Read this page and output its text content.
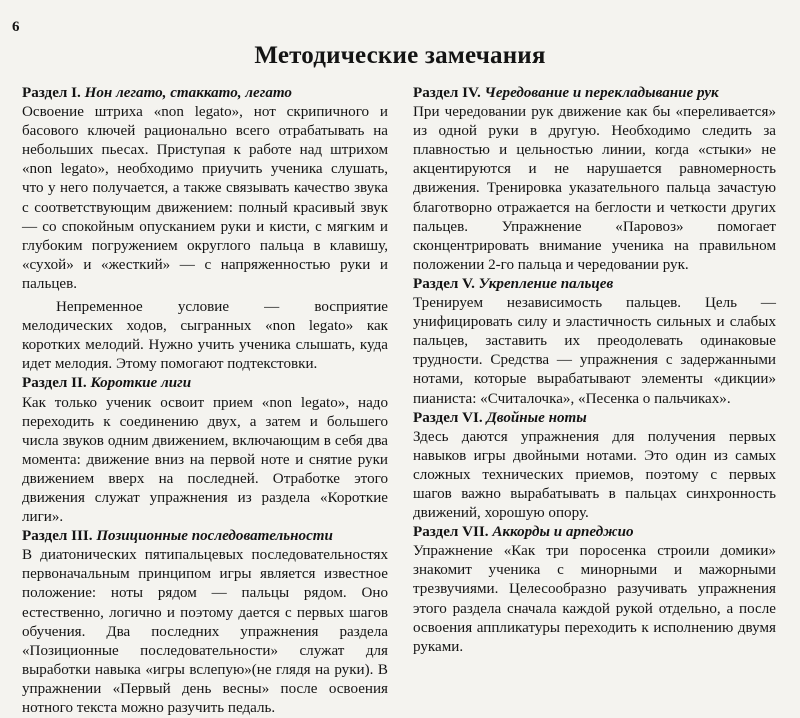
6
Методические замечания

Раздел I. Нон легато, стаккато, легато

Освоение штриха «non legato», нот скрипичного и басового ключей рационально всего отрабатывать на небольших пьесах. Приступая к работе над штрихом «non legato», необходимо приучить ученика слушать, что у него получается, а также связывать качество звука с соответствующим движением: полный красивый звук — со спокойным опусканием руки и кисти, с мягким и глубоким погружением округлого пальца в клавишу, «сухой» и «жесткий» — с напряженностью руки и пальцев.

Непременное условие — восприятие мелодических ходов, сыгранных «non legato» как коротких мелодий. Нужно учить ученика слышать, куда идет мелодия. Этому помогают подтекстовки.

Раздел II. Короткие лиги

Как только ученик освоит прием «non legato», надо переходить к соединению двух, а затем и большего числа звуков одним движением, включающим в себя два момента: движение вниз на первой ноте и снятие руки движением вверх на последней. Отработке этого движения служат упражнения из раздела «Короткие лиги».

Раздел III. Позиционные последовательности

В диатонических пятипальцевых последовательностях первоначальным принципом игры является известное положение: ноты рядом — пальцы рядом. Оно естественно, логично и поэтому дается с первых шагов обучения. Два последних упражнения раздела «Позиционные последовательности» служат для выработки навыка «игры вслепую»(не глядя на руки). В упражнении «Первый день весны» после освоения нотного текста можно разучить педаль.

Раздел IV. Чередование и перекладывание рук

При чередовании рук движение как бы «переливается» из одной руки в другую. Необходимо следить за плавностью и цельностью линии, когда «стыки» не акцентируются и не нарушается равномерность движения. Тренировка указательного пальца зачастую благотворно отражается на беглости и четкости других пальцев. Упражнение «Паровоз» помогает сконцентрировать внимание ученика на правильном положении 2-го пальца и чередовании рук.

Раздел V. Укрепление пальцев

Тренируем независимость пальцев. Цель — унифицировать силу и эластичность сильных и слабых пальцев, заставить их преодолевать одинаковые трудности. Средства — упражнения с задержанными нотами, которые вырабатывают элементы «дикции» пианиста: «Считалочка», «Песенка о пальчиках».

Раздел VI. Двойные ноты

Здесь даются упражнения для получения первых навыков игры двойными нотами. Это один из самых сложных технических приемов, поэтому с первых шагов важно вырабатывать в пальцах синхронность движений, хорошую опору.

Раздел VII. Аккорды и арпеджио

Упражнение «Как три поросенка строили домики» знакомит ученика с минорными и мажорными трезвучиями. Целесообразно разучивать упражнения этого раздела сначала каждой рукой отдельно, а после освоения аппликатуры переходить к исполнению двумя руками.
